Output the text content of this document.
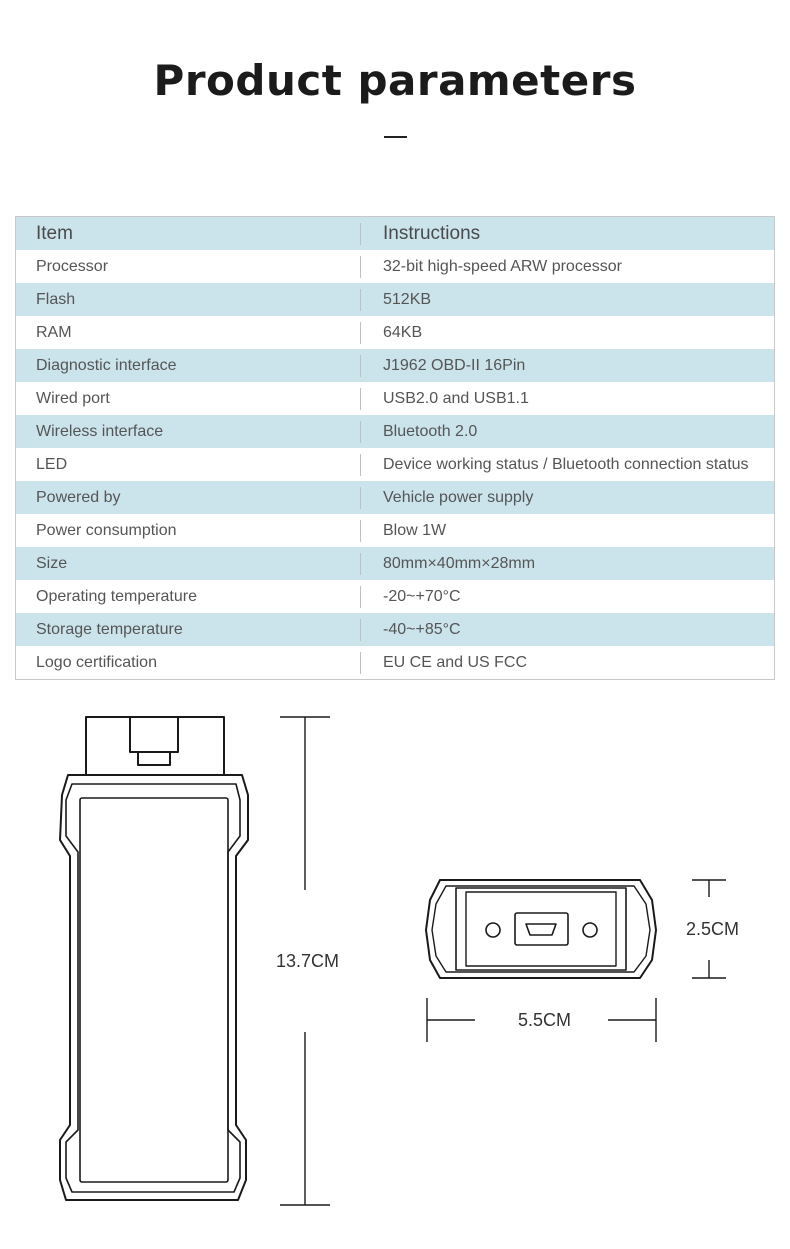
Product parameters
Item	Instructions
Processor	32-bit high-speed ARW processor
Flash	512KB
RAM	64KB
Diagnostic interface	J1962 OBD-II 16Pin
Wired port	USB2.0 and USB1.1
Wireless interface	Bluetooth 2.0
LED	Device working status / Bluetooth connection status
Powered by	Vehicle power supply
Power consumption	Blow 1W
Size	80mm×40mm×28mm
Operating temperature	-20~+70°C
Storage temperature	-40~+85°C
Logo certification	EU CE and US FCC
13.7CM
2.5CM
5.5CM
